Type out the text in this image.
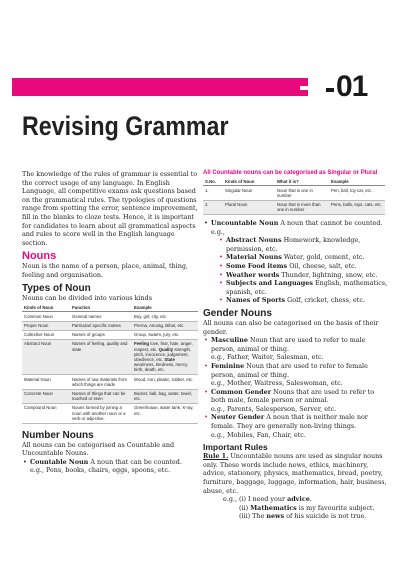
01
Revising Grammar

The knowledge of the rules of grammar is essential to the correct usage of any language. In English Language, all competitive exams ask questions based on the grammatical rules. The typologies of questions range from spotting the error, sentence improvement, fill in the blanks to cloze tests. Hence, it is important for candidates to learn about all grammatical aspects and rules to score well in the English language section.

Nouns

Noun is the name of a person, place, animal, thing, feeling and organisation.

Types of Noun

Nouns can be divided into various kinds

Kinds of Noun	Function	Example
Common Noun	General names	Boy, girl, city, etc
Proper Noun	Particular/ specific names	Prerna, Anurag, Bihar, etc.
Collective Noun	Names of groups	Group, swarm, jury, etc.
Abstract Noun	Names of feeling, quality and state	Feeling love, fear, hate, anger, respect, etc. Quality strength, pitch, innocence, judgement, obedience, etc. State weariness, tiredness, mercy, birth, death, etc.
Material Noun	Names of raw materials from which things are made	Wood, iron, plastic, rubber, etc.
Concrete Noun	Names of things that can be touched or seen	Bucket, ball, bag, water, towel, etc.
Compound Noun	Nouns formed by joining a noun with another noun or a verb or adjective.	Greenhouse, water tank, X-ray, etc.
Number Nouns

All nouns can be categorised as Countable and Uncountable Nouns.

• Countable Noun A noun that can be counted.
e.g., Pens, books, chairs, eggs, spoons, etc.
All Countable nouns can be categorised as Singular or Plural
S.No.	Kinds of Noun	What it is?	Example
1.	Singular Noun	Noun that is one in number	Pen, ball, toy cat, etc.
2.	Plural Noun	Noun that is more than one in number	Pens, balls, toys, cats, etc.
• Uncountable Noun A noun that cannot be counted.
e.g.,
• Abstract Nouns Homework, knowledge, permission, etc.
• Material Nouns Water, gold, cement, etc.
• Some Food items Oil, cheese, salt, etc.
• Weather words Thunder, lightning, snow, etc.
• Subjects and Languages English, mathematics, spanish, etc.
• Names of Sports Golf, cricket, chess, etc.
Gender Nouns

All nouns can also be categorised on the basis of their gender.

• Masculine Noun that are used to refer to male person, animal or thing.
e.g., Father, Waiter, Salesman, etc.
• Feminine Noun that are used to refer to female person, animal or thing.
e.g., Mother, Waitress, Saleswoman, etc.
• Common Gender Nouns that are used to refer to both male, female person or animal.
e.g., Parents, Salesperson, Server, etc.
• Neuter Gender A noun that is neither male nor female. They are generally non-living things.
e.g., Mobiles, Fan, Chair, etc.
Important Rules

Rule 1. Uncountable nouns are used as singular nouns only. These words include news, ethics, machinery, advice, stationery, physics, mathematics, bread, poetry, furniture, baggage, luggage, information, hair, business, abuse, etc.

e.g., (i) I need your advice.

(ii) Mathematics is my favourite subject.

(iii) The news of his suicide is not true.
